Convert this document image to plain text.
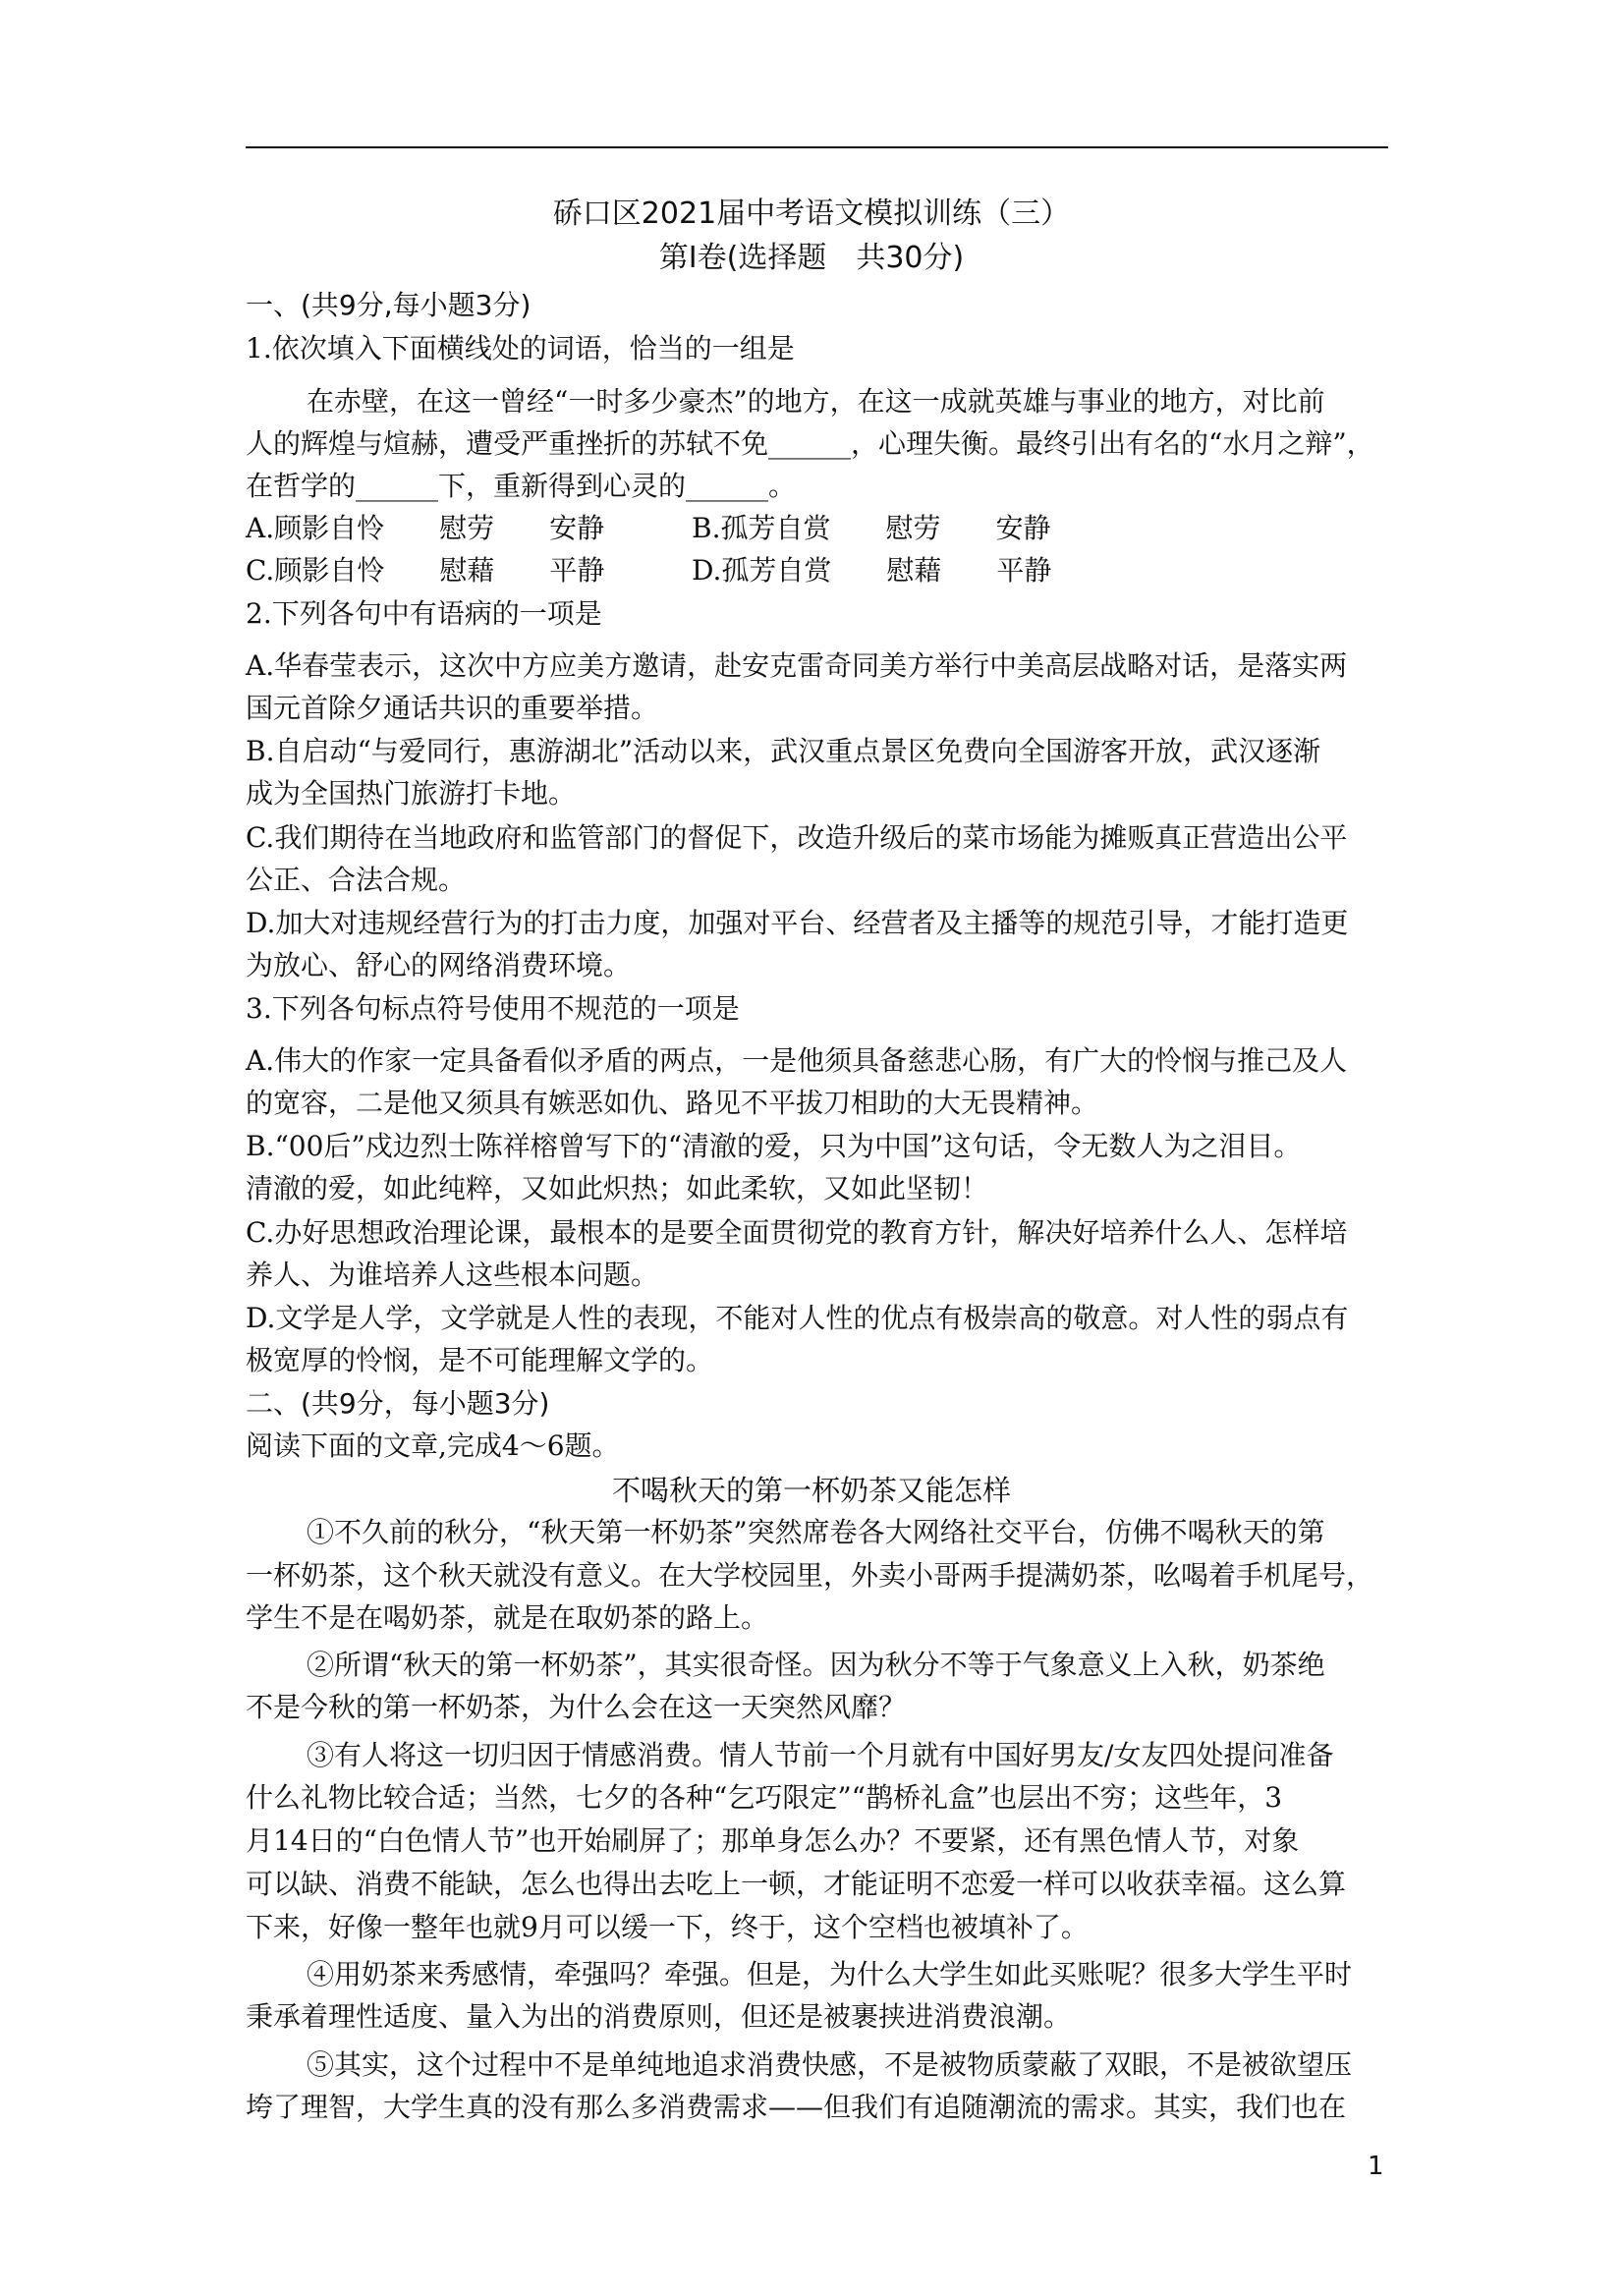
硚口区2021届中考语文模拟训练（三）
第Ⅰ卷(选择题　共30分)
一、(共9分,每小题3分)
1.依次填入下面横线处的词语，恰当的一组是
在赤壁，在这一曾经“一时多少豪杰”的地方，在这一成就英雄与事业的地方，对比前
人的辉煌与煊赫，遭受严重挫折的苏轼不免______，心理失衡。最终引出有名的“水月之辩”，
在哲学的______下，重新得到心灵的______。
A.顾影自怜　　慰劳　　安静	B.孤芳自赏　　慰劳　　安静
C.顾影自怜　　慰藉　　平静	D.孤芳自赏　　慰藉　　平静
2.下列各句中有语病的一项是
A.华春莹表示，这次中方应美方邀请，赴安克雷奇同美方举行中美高层战略对话，是落实两
国元首除夕通话共识的重要举措。
B.自启动“与爱同行，惠游湖北”活动以来，武汉重点景区免费向全国游客开放，武汉逐渐
成为全国热门旅游打卡地。
C.我们期待在当地政府和监管部门的督促下，改造升级后的菜市场能为摊贩真正营造出公平
公正、合法合规。
D.加大对违规经营行为的打击力度，加强对平台、经营者及主播等的规范引导，才能打造更
为放心、舒心的网络消费环境。
3.下列各句标点符号使用不规范的一项是
A.伟大的作家一定具备看似矛盾的两点，一是他须具备慈悲心肠，有广大的怜悯与推己及人
的宽容，二是他又须具有嫉恶如仇、路见不平拔刀相助的大无畏精神。
B.“00后”戍边烈士陈祥榕曾写下的“清澈的爱，只为中国”这句话，令无数人为之泪目。
清澈的爱，如此纯粹，又如此炽热；如此柔软，又如此坚韧！
C.办好思想政治理论课，最根本的是要全面贯彻党的教育方针，解决好培养什么人、怎样培
养人、为谁培养人这些根本问题。
D.文学是人学，文学就是人性的表现，不能对人性的优点有极崇高的敬意。对人性的弱点有
极宽厚的怜悯，是不可能理解文学的。
二、(共9分，每小题3分)
阅读下面的文章,完成4～6题。
不喝秋天的第一杯奶茶又能怎样
①不久前的秋分，“秋天第一杯奶茶”突然席卷各大网络社交平台，仿佛不喝秋天的第
一杯奶茶，这个秋天就没有意义。在大学校园里，外卖小哥两手提满奶茶，吆喝着手机尾号，
学生不是在喝奶茶，就是在取奶茶的路上。
②所谓“秋天的第一杯奶茶”，其实很奇怪。因为秋分不等于气象意义上入秋，奶茶绝
不是今秋的第一杯奶茶，为什么会在这一天突然风靡？
③有人将这一切归因于情感消费。情人节前一个月就有中国好男友/女友四处提问准备
什么礼物比较合适；当然，七夕的各种“乞巧限定”“鹊桥礼盒”也层出不穷；这些年，3
月14日的“白色情人节”也开始刷屏了；那单身怎么办？不要紧，还有黑色情人节，对象
可以缺、消费不能缺，怎么也得出去吃上一顿，才能证明不恋爱一样可以收获幸福。这么算
下来，好像一整年也就9月可以缓一下，终于，这个空档也被填补了。
④用奶茶来秀感情，牵强吗？牵强。但是，为什么大学生如此买账呢？很多大学生平时
秉承着理性适度、量入为出的消费原则，但还是被裹挟进消费浪潮。
⑤其实，这个过程中不是单纯地追求消费快感，不是被物质蒙蔽了双眼，不是被欲望压
垮了理智，大学生真的没有那么多消费需求——但我们有追随潮流的需求。其实，我们也在
1
